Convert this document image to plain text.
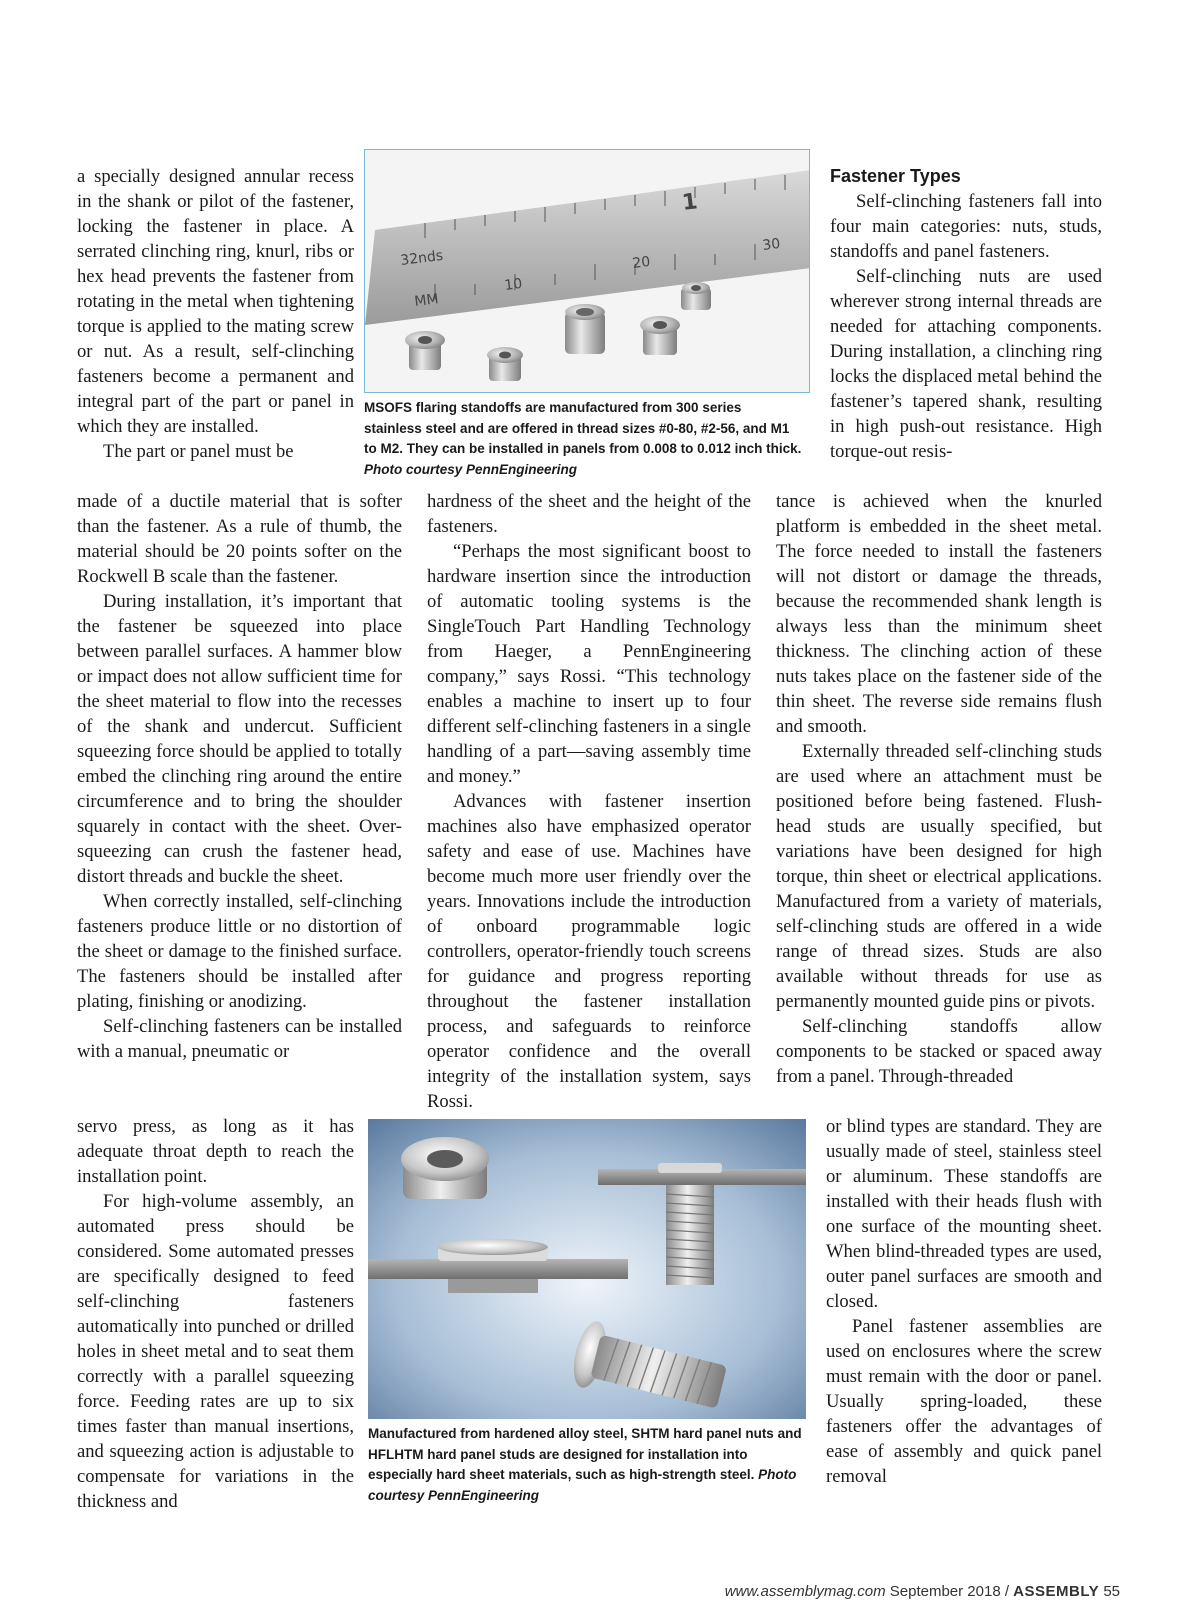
a specially designed annular recess in the shank or pilot of the fastener, locking the fastener in place. A serrated clinching ring, knurl, ribs or hex head prevents the fastener from rotating in the metal when tightening torque is applied to the mating screw or nut. As a result, self-clinching fasteners become a permanent and integral part of the part or panel in which they are installed.

The part or panel must be

made of a ductile material that is softer than the fastener. As a rule of thumb, the material should be 20 points softer on the Rockwell B scale than the fastener.

During installation, it’s important that the fastener be squeezed into place between parallel surfaces. A hammer blow or impact does not allow sufficient time for the sheet material to flow into the recesses of the shank and undercut. Sufficient squeezing force should be applied to totally embed the clinching ring around the entire circumference and to bring the shoulder squarely in contact with the sheet. Over-squeezing can crush the fastener head, distort threads and buckle the sheet.

When correctly installed, self-clinching fasteners produce little or no distortion of the sheet or damage to the finished surface. The fasteners should be installed after plating, finishing or anodizing.

Self-clinching fasteners can be installed with a manual, pneumatic or

servo press, as long as it has adequate throat depth to reach the installation point.

For high-volume assembly, an automated press should be considered. Some automated presses are specifically designed to feed self-clinching fasteners automatically into punched or drilled holes in sheet metal and to seat them correctly with a parallel squeezing force. Feeding rates are up to six times faster than manual insertions, and squeezing action is adjustable to compensate for variations in the thickness and

hardness of the sheet and the height of the fasteners.

“Perhaps the most significant boost to hardware insertion since the introduction of automatic tooling systems is the SingleTouch Part Handling Technology from Haeger, a PennEngineering company,” says Rossi. “This technology enables a machine to insert up to four different self-clinching fasteners in a single handling of a part—saving assembly time and money.”

Advances with fastener insertion machines also have emphasized operator safety and ease of use. Machines have become much more user friendly over the years. Innovations include the introduction of onboard programmable logic controllers, operator-friendly touch screens for guidance and progress reporting throughout the fastener installation process, and safeguards to reinforce operator confidence and the overall integrity of the installation system, says Rossi.

Fastener Types

Self-clinching fasteners fall into four main categories: nuts, studs, standoffs and panel fasteners.

Self-clinching nuts are used wherever strong internal threads are needed for attaching components. During installation, a clinching ring locks the displaced metal behind the fastener’s tapered shank, resulting in high push-out resistance. High torque-out resis-

tance is achieved when the knurled platform is embedded in the sheet metal. The force needed to install the fasteners will not distort or damage the threads, because the recommended shank length is always less than the minimum sheet thickness. The clinching action of these nuts takes place on the fastener side of the thin sheet. The reverse side remains flush and smooth.

Externally threaded self-clinching studs are used where an attachment must be positioned before being fastened. Flush-head studs are usually specified, but variations have been designed for high torque, thin sheet or electrical applications. Manufactured from a variety of materials, self-clinching studs are offered in a wide range of thread sizes. Studs are also available without threads for use as permanently mounted guide pins or pivots.

Self-clinching standoffs allow components to be stacked or spaced away from a panel. Through-threaded

or blind types are standard. They are usually made of steel, stainless steel or aluminum. These standoffs are installed with their heads flush with one surface of the mounting sheet. When blind-threaded types are used, outer panel surfaces are smooth and closed.

Panel fastener assemblies are used on enclosures where the screw must remain with the door or panel. Usually spring-loaded, these fasteners offer the advantages of ease of assembly and quick panel removal

32nds
MM
10
20
30
1
MSOFS flaring standoffs are manufactured from 300 series stainless steel and are offered in thread sizes #0-80, #2-56, and M1 to M2. They can be installed in panels from 0.008 to 0.012 inch thick. Photo courtesy PennEngineering
Manufactured from hardened alloy steel, SHTM hard panel nuts and HFLHTM hard panel studs are designed for installation into especially hard sheet materials, such as high-strength steel. Photo courtesy PennEngineering
www.assemblymag.com September 2018 / ASSEMBLY 55
